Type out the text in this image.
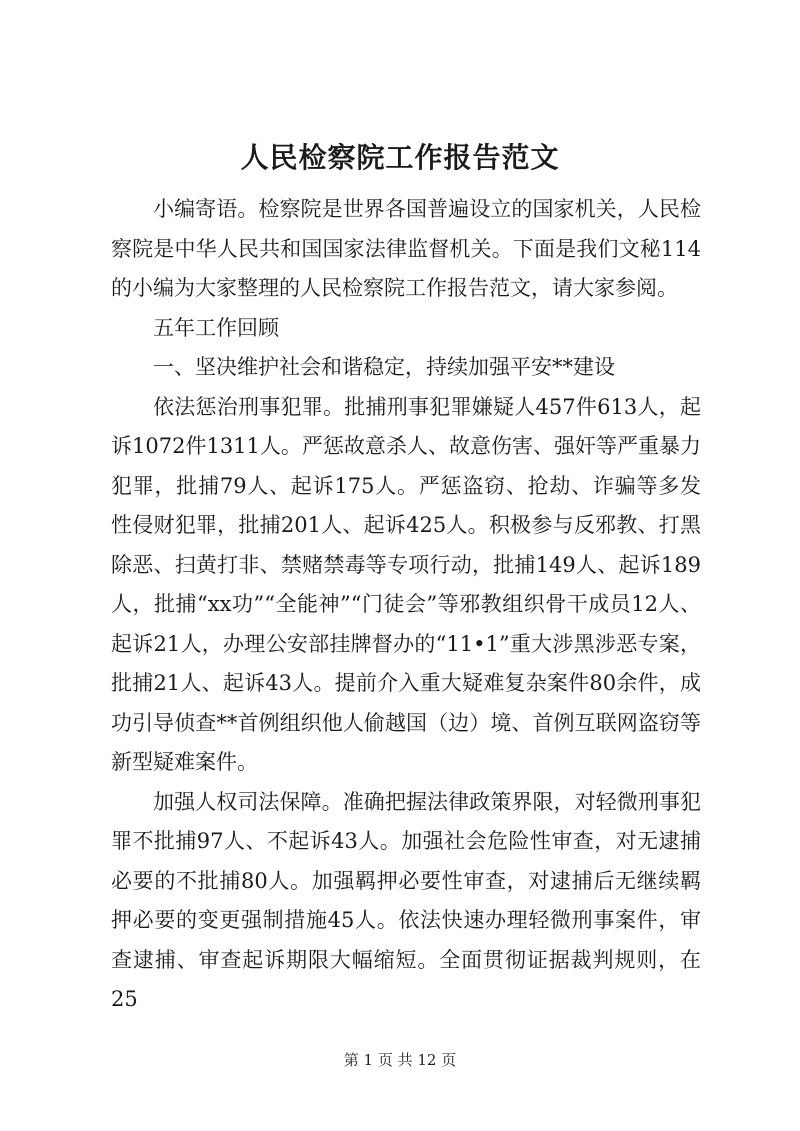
人民检察院工作报告范文

小编寄语。检察院是世界各国普遍设立的国家机关，人民检察院是中华人民共和国国家法律监督机关。下面是我们文秘114的小编为大家整理的人民检察院工作报告范文，请大家参阅。

五年工作回顾

一、坚决维护社会和谐稳定，持续加强平安**建设

依法惩治刑事犯罪。批捕刑事犯罪嫌疑人457件613人，起诉1072件1311人。严惩故意杀人、故意伤害、强奸等严重暴力犯罪，批捕79人、起诉175人。严惩盗窃、抢劫、诈骗等多发性侵财犯罪，批捕201人、起诉425人。积极参与反邪教、打黑除恶、扫黄打非、禁赌禁毒等专项行动，批捕149人、起诉189人，批捕“xx功”“全能神”“门徒会”等邪教组织骨干成员12人、起诉21人，办理公安部挂牌督办的“11•1”重大涉黑涉恶专案，批捕21人、起诉43人。提前介入重大疑难复杂案件80余件，成功引导侦查**首例组织他人偷越国（边）境、首例互联网盗窃等新型疑难案件。

加强人权司法保障。准确把握法律政策界限，对轻微刑事犯罪不批捕97人、不起诉43人。加强社会危险性审查，对无逮捕必要的不批捕80人。加强羁押必要性审查，对逮捕后无继续羁押必要的变更强制措施45人。依法快速办理轻微刑事案件，审查逮捕、审查起诉期限大幅缩短。全面贯彻证据裁判规则，在25

第 1 页 共 12 页
